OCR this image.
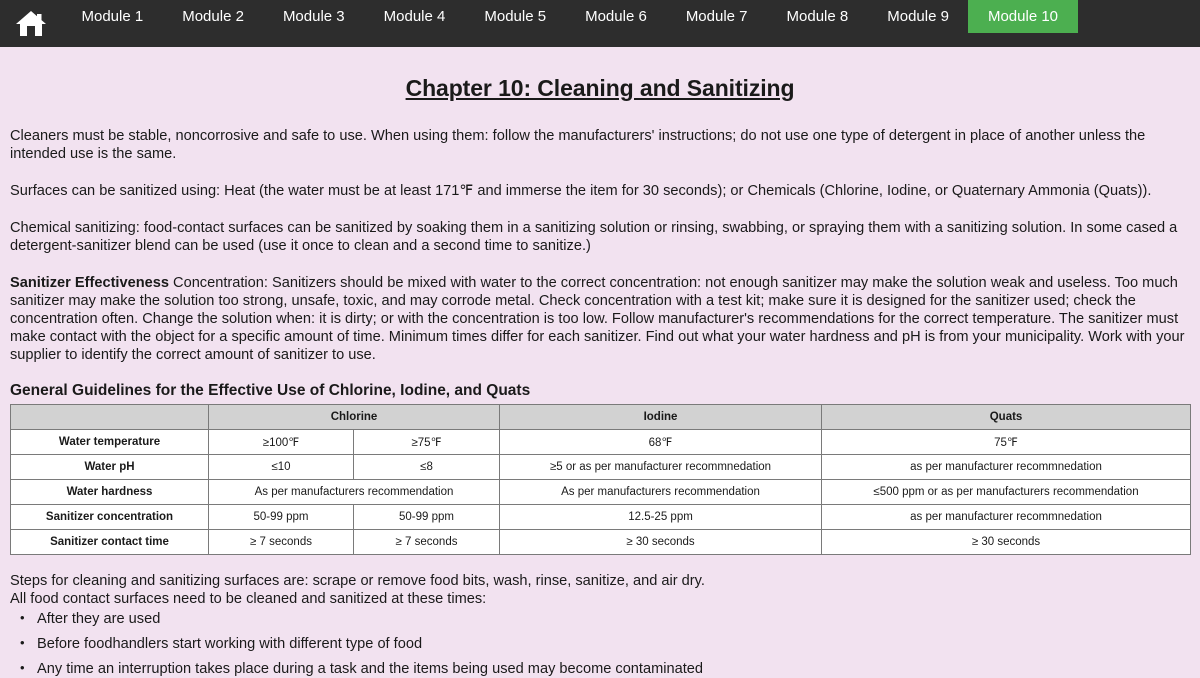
Module 1	Module 2	Module 3	Module 4	Module 5	Module 6	Module 7	Module 8	Module 9	Module 10
Chapter 10: Cleaning and Sanitizing

Cleaners must be stable, noncorrosive and safe to use. When using them: follow the manufacturers' instructions; do not use one type of detergent in place of another unless the intended use is the same.

Surfaces can be sanitized using: Heat (the water must be at least 171℉ and immerse the item for 30 seconds); or Chemicals (Chlorine, Iodine, or Quaternary Ammonia (Quats)).

Chemical sanitizing: food-contact surfaces can be sanitized by soaking them in a sanitizing solution or rinsing, swabbing, or spraying them with a sanitizing solution. In some cased a detergent-sanitizer blend can be used (use it once to clean and a second time to sanitize.)

Sanitizer Effectiveness Concentration: Sanitizers should be mixed with water to the correct concentration: not enough sanitizer may make the solution weak and useless. Too much sanitizer may make the solution too strong, unsafe, toxic, and may corrode metal. Check concentration with a test kit; make sure it is designed for the sanitizer used; check the concentration often. Change the solution when: it is dirty; or with the concentration is too low. Follow manufacturer's recommendations for the correct temperature. The sanitizer must make contact with the object for a specific amount of time. Minimum times differ for each sanitizer. Find out what your water hardness and pH is from your municipality. Work with your supplier to identify the correct amount of sanitizer to use.

General Guidelines for the Effective Use of Chlorine, Iodine, and Quats
	Chlorine		Iodine	Quats
Water temperature	≥100℉	≥75℉	68℉	75℉
Water pH	≤10	≤8	≥5 or as per manufacturer recommnedation	as per manufacturer recommnedation
Water hardness	As per manufacturers recommendation		As per manufacturers recommendation	≤500 ppm or as per manufacturers recommendation
Sanitizer concentration	50-99 ppm	50-99 ppm	12.5-25 ppm	as per manufacturer recommnedation
Sanitizer contact time	≥ 7 seconds	≥ 7 seconds	≥ 30 seconds	≥ 30 seconds

Steps for cleaning and sanitizing surfaces are: scrape or remove food bits, wash, rinse, sanitize, and air dry.
All food contact surfaces need to be cleaned and sanitized at these times:

• After they are used
• Before foodhandlers start working with different type of food
• Any time an interruption takes place during a task and the items being used may become contaminated
